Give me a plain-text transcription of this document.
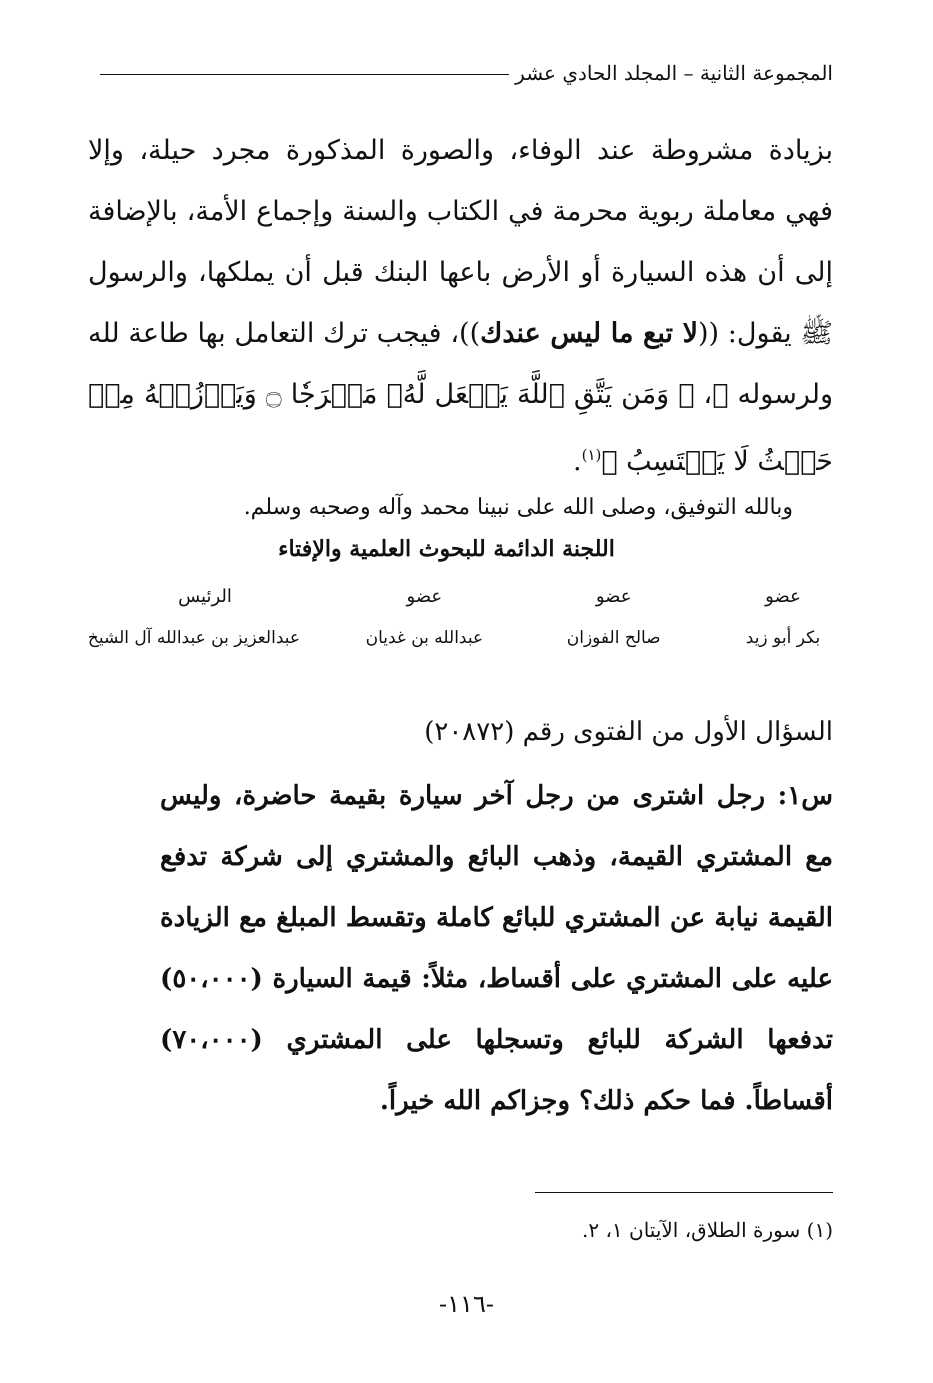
المجموعة الثانية – المجلد الحادي عشر

بزيادة مشروطة عند الوفاء، والصورة المذكورة مجرد حيلة، وإلا فهي معاملة ربوية محرمة في الكتاب والسنة وإجماع الأمة، بالإضافة إلى أن هذه السيارة أو الأرض باعها البنك قبل أن يملكها، والرسول ﷺ يقول: ((لا تبع ما ليس عندك))، فيجب ترك التعامل بها طاعة لله ولرسوله ﷺ، ﴿ وَمَن يَتَّقِ ٱللَّهَ يَجۡعَل لَّهُۥ مَخۡرَجٗا ۝ وَيَرۡزُقۡهُ مِنۡ حَيۡثُ لَا يَحۡتَسِبُ ﴾$^{(١)}$.

وبالله التوفيق، وصلى الله على نبينا محمد وآله وصحبه وسلم.
اللجنة الدائمة للبحوث العلمية والإفتاء
عضو
عضو
عضو
الرئيس
بكر أبو زيد
صالح الفوزان
عبدالله بن غديان
عبدالعزيز بن عبدالله آل الشيخ
السؤال الأول من الفتوى رقم (٢٠٨٧٢)

س١: رجل اشترى من رجل آخر سيارة بقيمة حاضرة، وليس مع المشتري القيمة، وذهب البائع والمشتري إلى شركة تدفع القيمة نيابة عن المشتري للبائع كاملة وتقسط المبلغ مع الزيادة عليه على المشتري على أقساط، مثلاً: قيمة السيارة (٥٠،٠٠٠) تدفعها الشركة للبائع وتسجلها على المشتري (٧٠،٠٠٠) أقساطاً. فما حكم ذلك؟ وجزاكم الله خيراً.

(١) سورة الطلاق، الآيتان ١، ٢.
-١١٦-
